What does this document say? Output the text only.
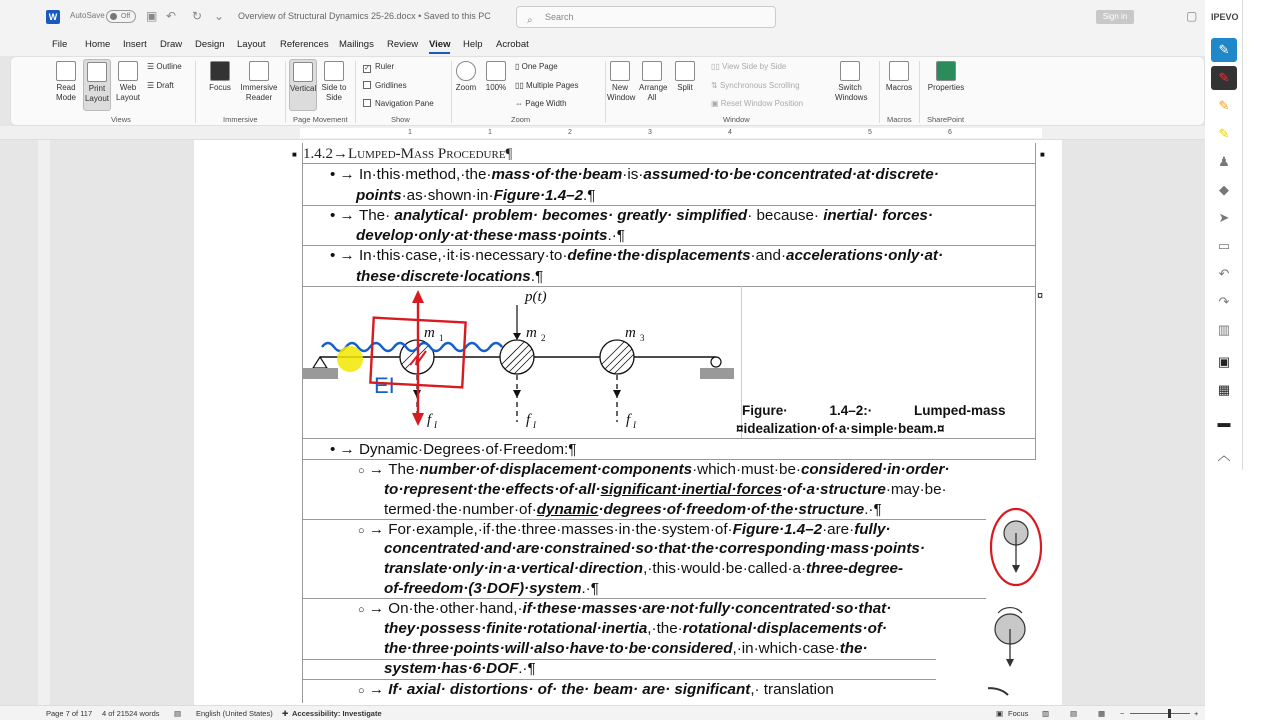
W	AutoSave	Off	▣ ↶ ↻ ⌄ Overview of Structural Dynamics 25-26.docx • Saved to this PC	⌕ Search	Sign in	▢
File Home Insert Draw Design Layout References Mailings Review View Help Acrobat
Read Mode
Print Layout
Web Layout
☰ Outline
☰ Draft
Views
Focus	Immersive Reader
Immersive
Vertical Side to Side
Page Movement
✓ Ruler
Gridlines
Navigation Pane
Show
Zoom	100%
▯ One Page
▯▯ Multiple Pages
⇔ Page Width
Zoom
New Window
Arrange All
Split
▯▯ View Side by Side
⇅ Synchronous Scrolling
▣ Reset Window Position
Switch Windows
Window
Macros
Macros
Properties
SharePoint
1	1	2	3	4	5	6
■ 1.4.2→Lumped-Mass Procedure¶	■
• → In·this·method,·the·mass·of·the·beam·is·assumed·to·be·concentrated·at·discrete·
points·as·shown·in·Figure·1.4–2.¶
• → The· analytical· problem· becomes· greatly· simplified· because· inertial· forces·
develop·only·at·these·mass·points.·¶
• → In·this·case,·it·is·necessary·to·define·the·displacements·and·accelerations·only·at·
these·discrete·locations.¶
p(t)
m 1	m 2	m 3
f I	f I	f I
EI
Figure· 1.4–2:· Lumped-mass
¤idealization·of·a·simple·beam.¤
¤
• → Dynamic·Degrees·of·Freedom:¶
○ → The·number·of·displacement·components·which·must·be·considered·in·order·
to·represent·the·effects·of·all·significant·inertial·forces·of·a·structure·may·be·
termed·the·number·of·dynamic·degrees·of·freedom·of·the·structure.·¶
○ → For·example,·if·the·three·masses·in·the·system·of·Figure·1.4–2·are·fully·
concentrated·and·are·constrained·so·that·the·corresponding·mass·points·
translate·only·in·a·vertical·direction,·this·would·be·called·a·three-degree-
of-freedom·(3·DOF)·system.·¶
○ → On·the·other·hand,·if·these·masses·are·not·fully·concentrated·so·that·
they·possess·finite·rotational·inertia,·the·rotational·displacements·of·
the·three·points·will·also·have·to·be·considered,·in·which·case·the·
system·has·6·DOF.·¶
○ → If· axial· distortions· of· the· beam· are· significant,· translation
Page 7 of 117 4 of 21524 words ▤ English (United States) ✚ Accessibility: Investigate	▣ Focus ▥	▤	▦ −	+
IPEVO
✎
✎
✎
✎
♟
◆
➤
▭
↶
↷
▥
▣
▦
▬
︿
